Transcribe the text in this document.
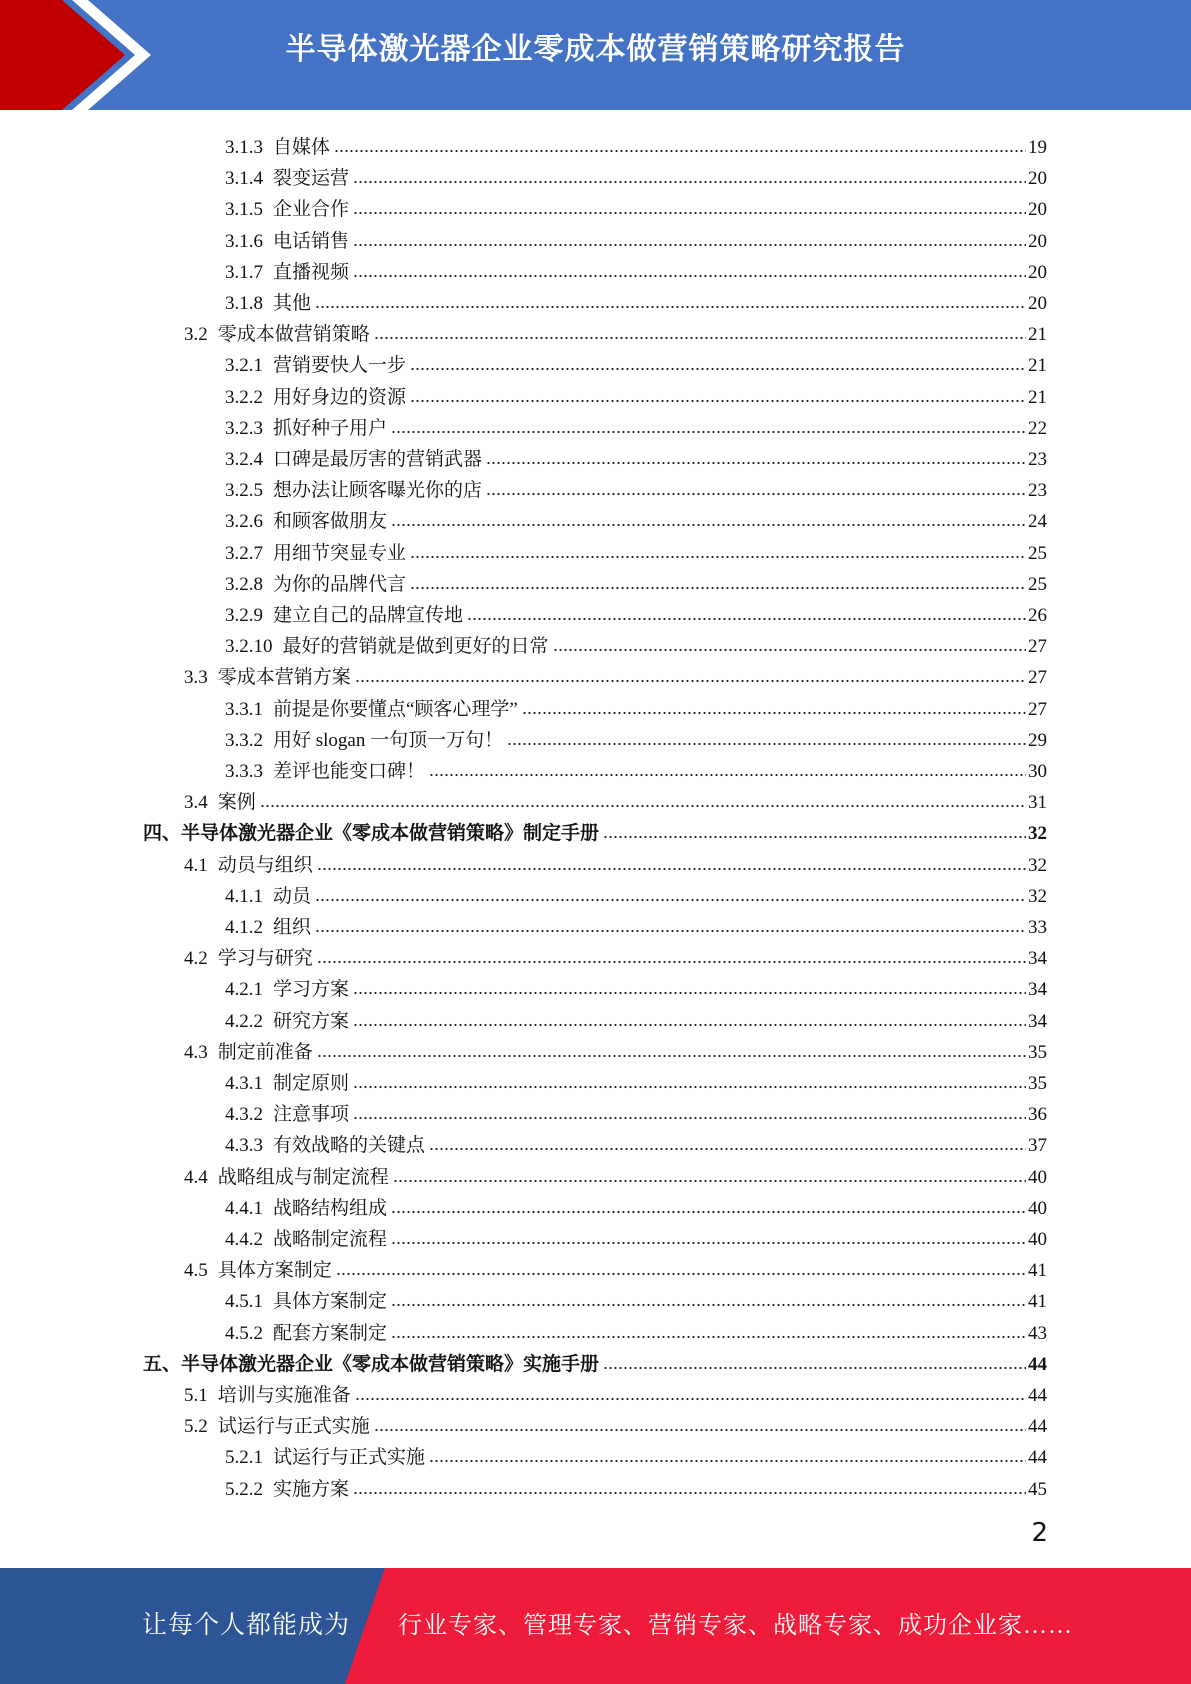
半导体激光器企业零成本做营销策略研究报告
3.1.3 自媒体	19
3.1.4 裂变运营	20
3.1.5 企业合作	20
3.1.6 电话销售	20
3.1.7 直播视频	20
3.1.8 其他	20
3.2 零成本做营销策略	21
3.2.1 营销要快人一步	21
3.2.2 用好身边的资源	21
3.2.3 抓好种子用户	22
3.2.4 口碑是最厉害的营销武器	23
3.2.5 想办法让顾客曝光你的店	23
3.2.6 和顾客做朋友	24
3.2.7 用细节突显专业	25
3.2.8 为你的品牌代言	25
3.2.9 建立自己的品牌宣传地	26
3.2.10 最好的营销就是做到更好的日常	27
3.3 零成本营销方案	27
3.3.1 前提是你要懂点“顾客心理学”	27
3.3.2 用好 slogan 一句顶一万句！	29
3.3.3 差评也能变口碑！	30
3.4 案例	31
四、 半导体激光器企业《零成本做营销策略》制定手册	32
4.1 动员与组织	32
4.1.1 动员	32
4.1.2 组织	33
4.2 学习与研究	34
4.2.1 学习方案	34
4.2.2 研究方案	34
4.3 制定前准备	35
4.3.1 制定原则	35
4.3.2 注意事项	36
4.3.3 有效战略的关键点	37
4.4 战略组成与制定流程	40
4.4.1 战略结构组成	40
4.4.2 战略制定流程	40
4.5 具体方案制定	41
4.5.1 具体方案制定	41
4.5.2 配套方案制定	43
五、 半导体激光器企业《零成本做营销策略》实施手册	44
5.1 培训与实施准备	44
5.2 试运行与正式实施	44
5.2.1 试运行与正式实施	44
5.2.2 实施方案	45
2
让每个人都能成为 行业专家、管理专家、营销专家、战略专家、成功企业家……
